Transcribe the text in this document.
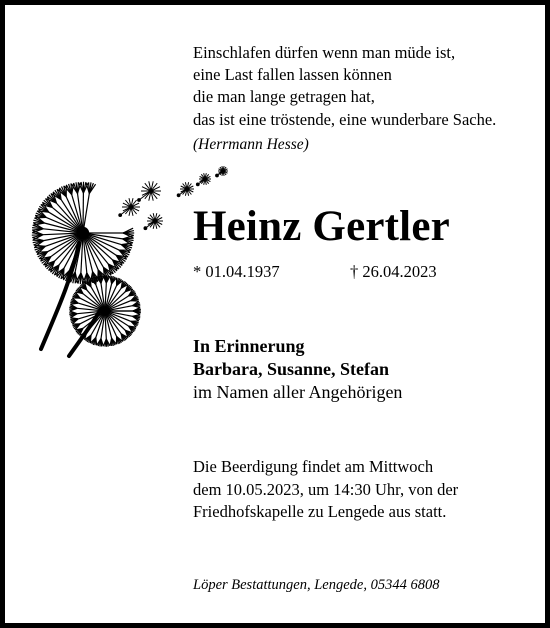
Einschlafen dürfen wenn man müde ist,
eine Last fallen lassen können
die man lange getragen hat,
das ist eine tröstende, eine wunderbare Sache.
(Herrmann Hesse)
Heinz Gertler
* 01.04.1937	† 26.04.2023
In Erinnerung
Barbara, Susanne, Stefan
im Namen aller Angehörigen
Die Beerdigung findet am Mittwoch
dem 10.05.2023, um 14:30 Uhr, von der
Friedhofskapelle zu Lengede aus statt.
Löper Bestattungen, Lengede, 05344 6808
